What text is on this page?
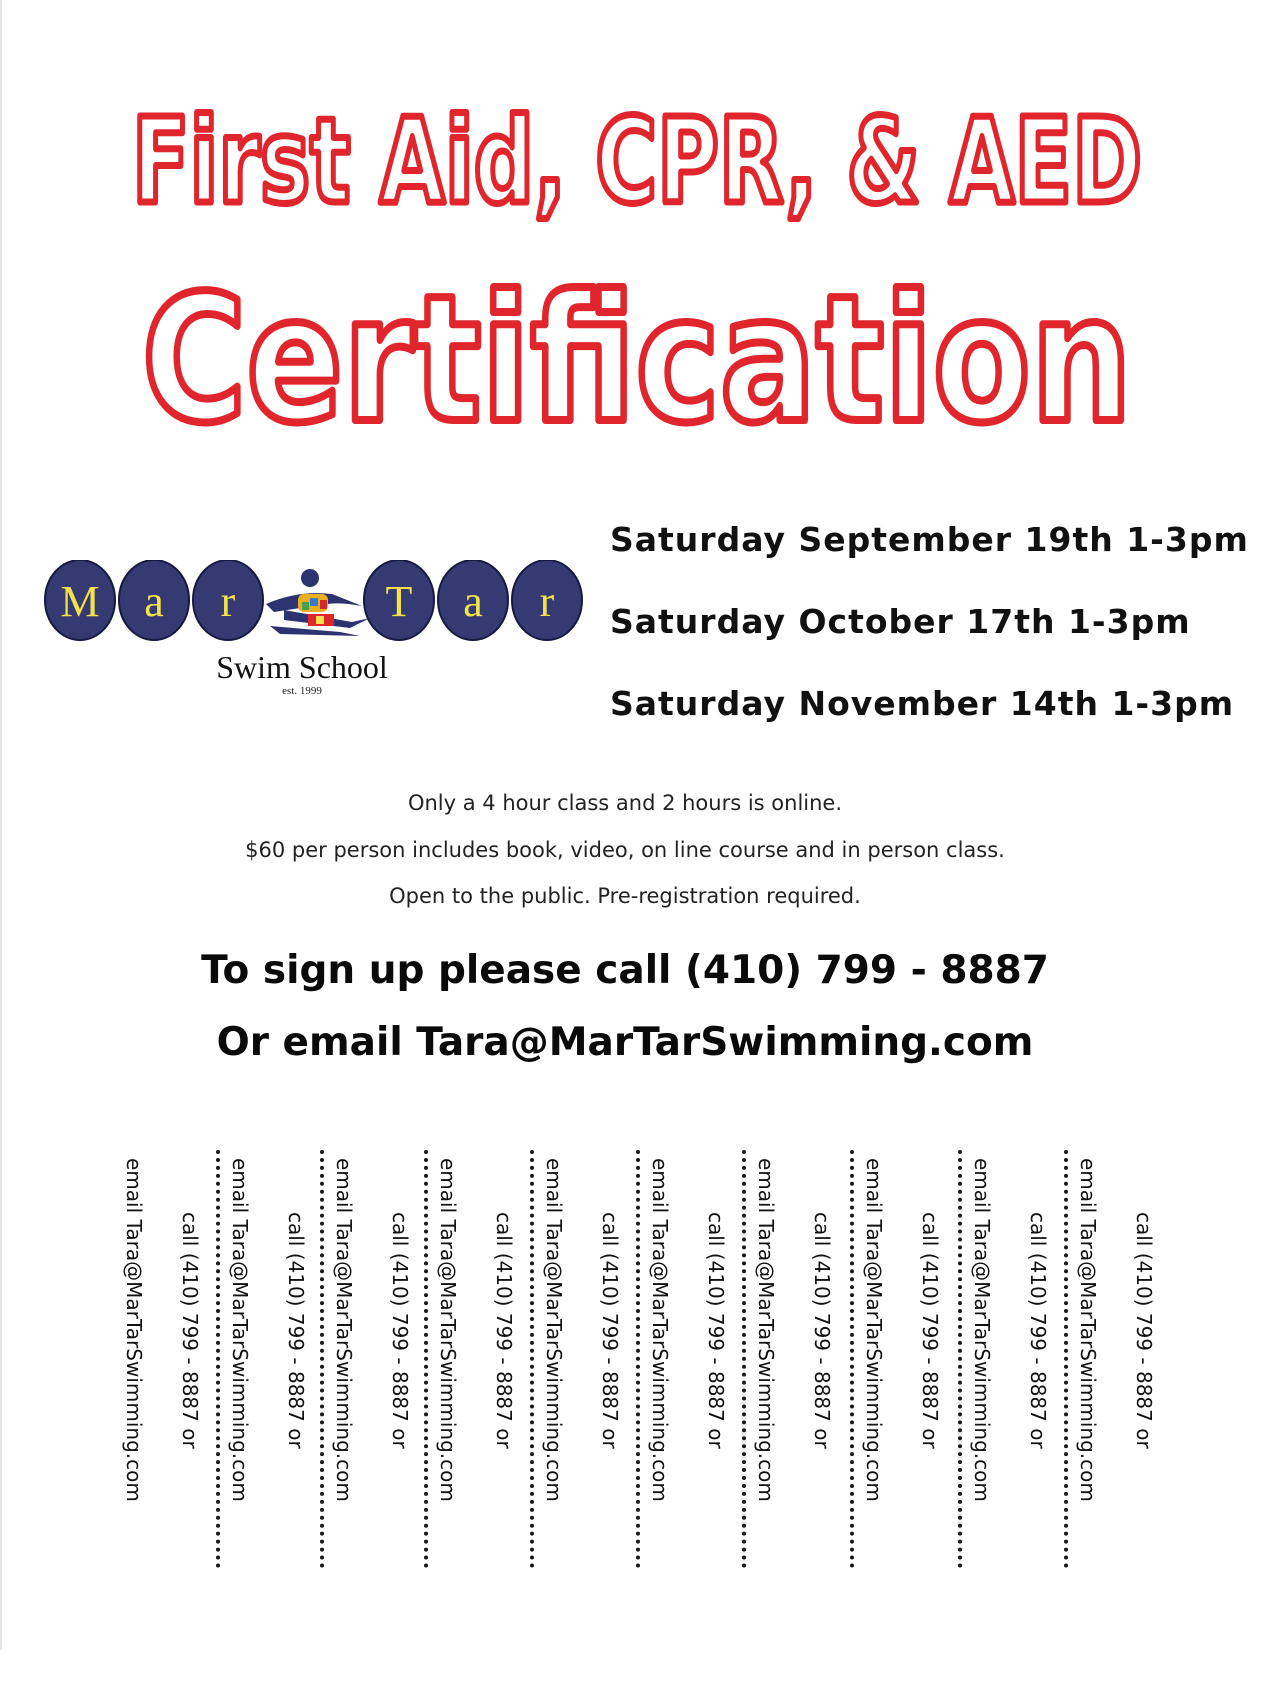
First Aid, CPR, & AED
Certification
M a r	T a r
Swim School
est. 1999
Saturday September 19th 1-3pm
Saturday October 17th 1-3pm
Saturday November 14th 1-3pm
Only a 4 hour class and 2 hours is online.
$60 per person includes book, video, on line course and in person class.
Open to the public. Pre-registration required.
To sign up please call (410) 799 - 8887
Or email Tara@MarTarSwimming.com
email Tara@MarTarSwimming.com call (410) 799 - 8887 or email Tara@MarTarSwimming.com call (410) 799 - 8887 or email Tara@MarTarSwimming.com call (410) 799 - 8887 or email Tara@MarTarSwimming.com call (410) 799 - 8887 or email Tara@MarTarSwimming.com call (410) 799 - 8887 or email Tara@MarTarSwimming.com call (410) 799 - 8887 or email Tara@MarTarSwimming.com call (410) 799 - 8887 or email Tara@MarTarSwimming.com call (410) 799 - 8887 or email Tara@MarTarSwimming.com call (410) 799 - 8887 or email Tara@MarTarSwimming.com call (410) 799 - 8887 or
